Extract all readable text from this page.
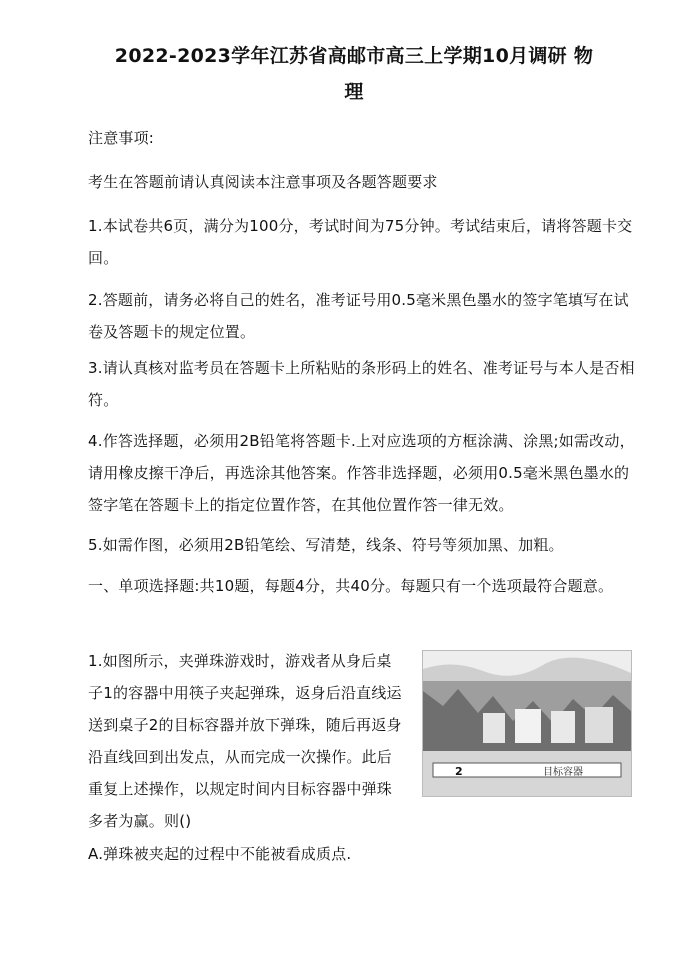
2022-2023学年江苏省高邮市高三上学期10月调研 物
理
注意事项:
考生在答题前请认真阅读本注意事项及各题答题要求
1.本试卷共6页，满分为100分，考试时间为75分钟。考试结束后，请将答题卡交回。
2.答题前，请务必将自己的姓名，准考证号用0.5毫米黑色墨水的签字笔填写在试卷及答题卡的规定位置。
3.请认真核对监考员在答题卡上所粘贴的条形码上的姓名、准考证号与本人是否相符。
4.作答选择题，必须用2B铅笔将答题卡.上对应选项的方框涂满、涂黑;如需改动，请用橡皮擦干净后，再选涂其他答案。作答非选择题，必须用0.5毫米黑色墨水的签字笔在答题卡上的指定位置作答，在其他位置作答一律无效。
5.如需作图，必须用2B铅笔绘、写清楚，线条、符号等须加黑、加粗。
一、单项选择题:共10题，每题4分，共40分。每题只有一个选项最符合题意。
1.如图所示，夹弹珠游戏时，游戏者从身后桌子1的容器中用筷子夹起弹珠，返身后沿直线运送到桌子2的目标容器并放下弹珠，随后再返身沿直线回到出发点，从而完成一次操作。此后重复上述操作，以规定时间内目标容器中弹珠多者为赢。则()
2	目标容器
A.弹珠被夹起的过程中不能被看成质点.
